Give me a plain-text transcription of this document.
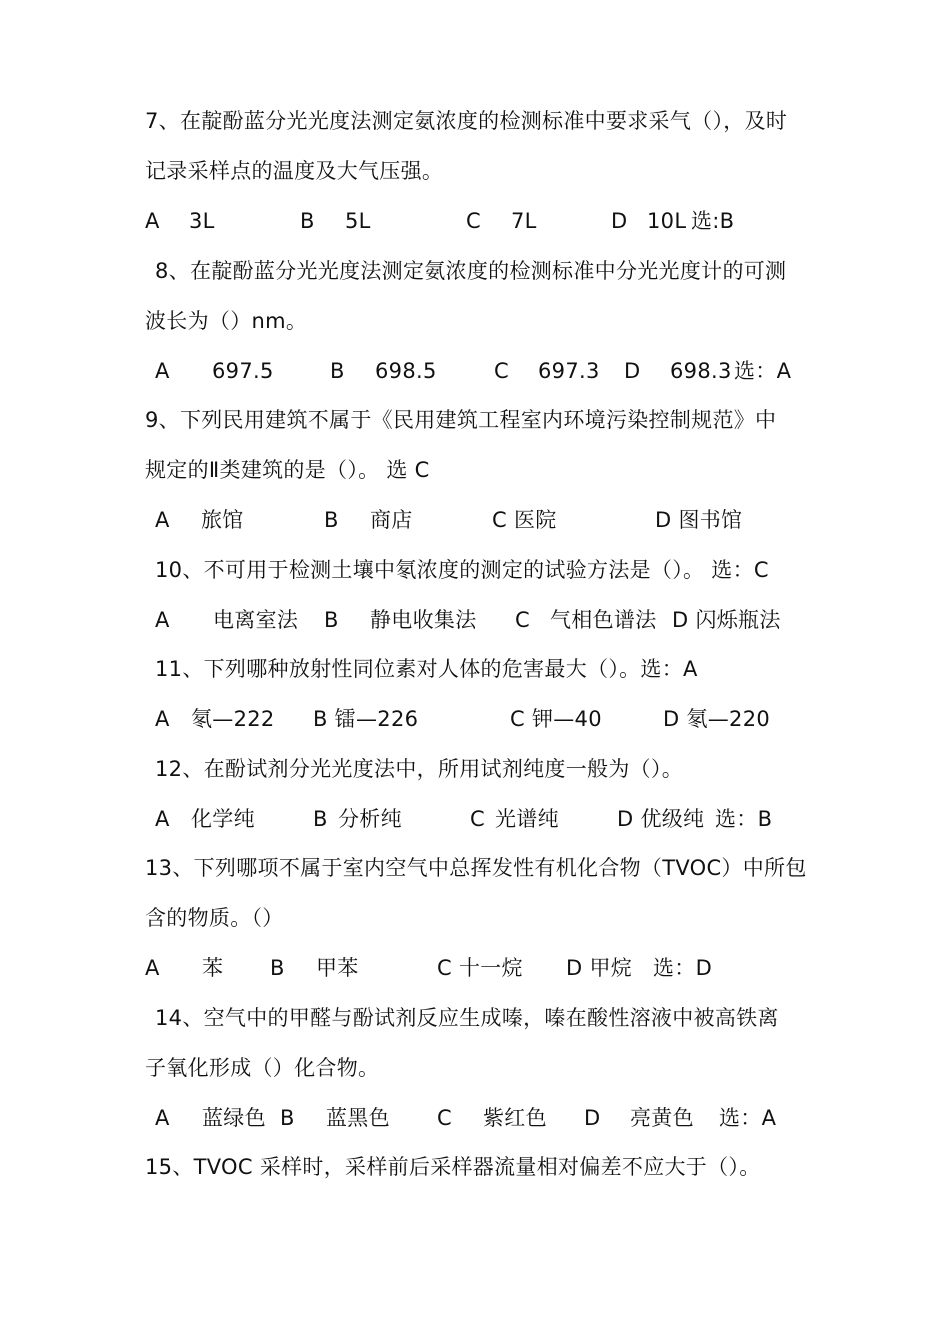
7、在靛酚蓝分光光度法测定氨浓度的检测标准中要求采气（），及时
记录采样点的温度及大气压强。
A 3L	B 5L	C 7L	D 10L 选:B
8、在靛酚蓝分光光度法测定氨浓度的检测标准中分光光度计的可测
波长为（）nm。
A 697.5	B 698.5	C 697.3 D 698.3 选：A
9、下列民用建筑不属于《民用建筑工程室内环境污染控制规范》中
规定的Ⅱ类建筑的是（）。 选 C
A 旅馆	B 商店	C 医院	D 图书馆
10、不可用于检测土壤中氡浓度的测定的试验方法是（）。 选：C
A 电离室法 B 静电收集法 C 气相色谱法 D 闪烁瓶法
11、下列哪种放射性同位素对人体的危害最大（）。选：A
A 氡—222 B 镭—226	C 钾—40	D 氡—220
12、在酚试剂分光光度法中，所用试剂纯度一般为（）。
A 化学纯	B 分析纯	C 光谱纯	D 优级纯 选：B
13、下列哪项不属于室内空气中总挥发性有机化合物（TVOC）中所包
含的物质。（）
A 苯 B 甲苯	C 十一烷 D 甲烷 选：D
14、空气中的甲醛与酚试剂反应生成嗪，嗪在酸性溶液中被高铁离
子氧化形成（）化合物。
A 蓝绿色 B 蓝黑色 C 紫红色 D 亮黄色 选：A
15、TVOC 采样时，采样前后采样器流量相对偏差不应大于（）。
